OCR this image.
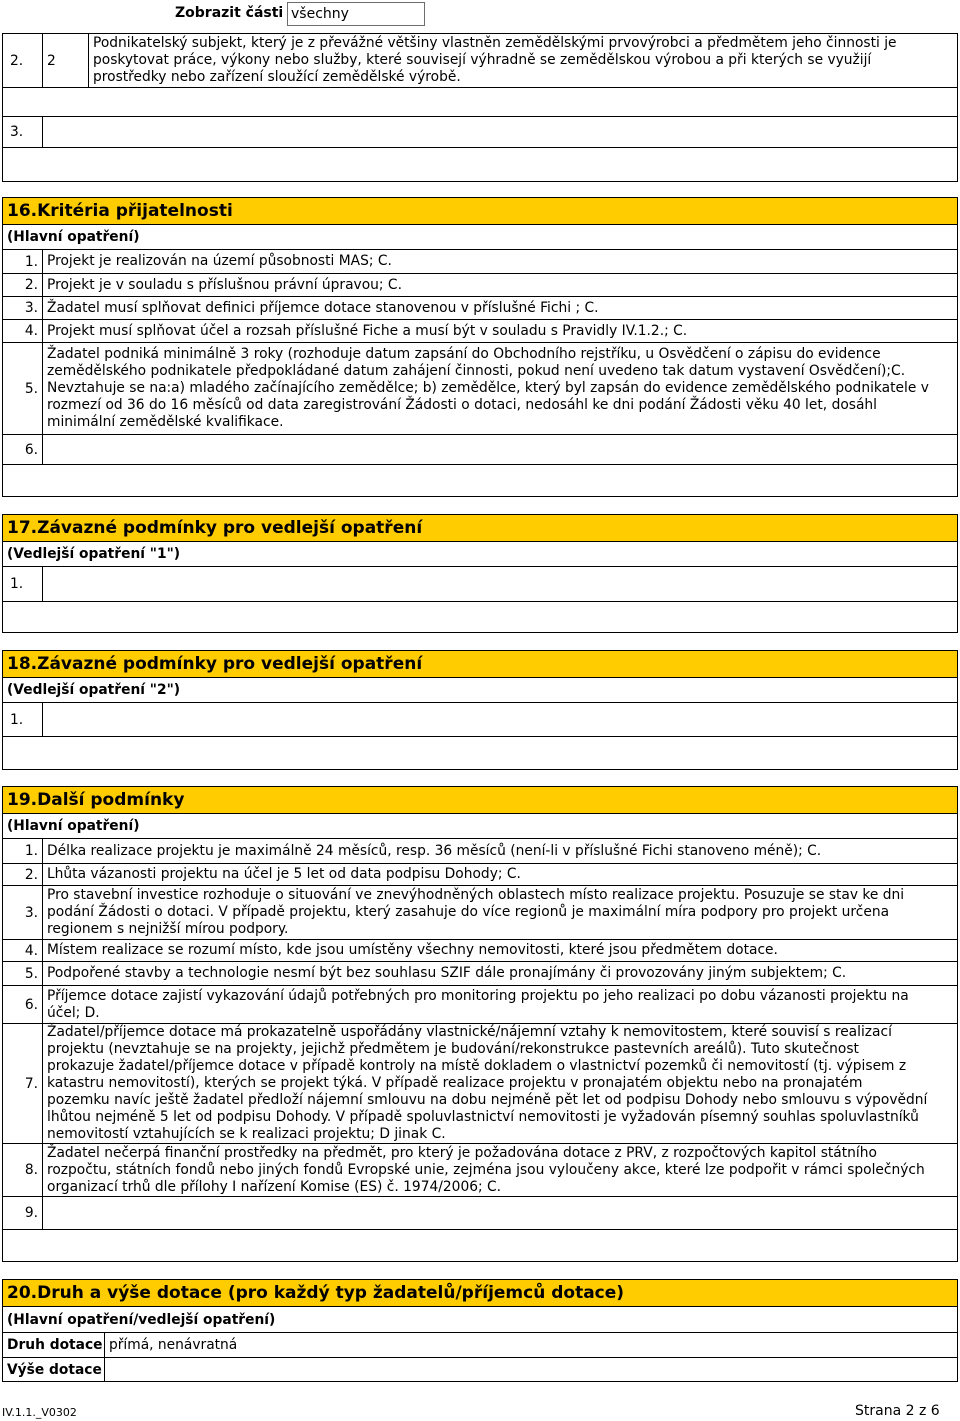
Zobrazit části všechny
2.	2
Podnikatelský subjekt, který je z převážné většiny vlastněn zemědělskými prvovýrobci a předmětem jeho činnosti je
poskytovat práce, výkony nebo služby, které souvisejí výhradně se zemědělskou výrobou a při kterých se využijí
prostředky nebo zařízení sloužící zemědělské výrobě.
3.
16.Kritéria přijatelnosti
(Hlavní opatření)
1. Projekt je realizován na území působnosti MAS; C.
2. Projekt je v souladu s příslušnou právní úpravou; C.
3. Žadatel musí splňovat definici příjemce dotace stanovenou v příslušné Fichi ; C.
4. Projekt musí splňovat účel a rozsah příslušné Fiche a musí být v souladu s Pravidly IV.1.2.; C.
5.
Žadatel podniká minimálně 3 roky (rozhoduje datum zapsání do Obchodního rejstříku, u Osvědčení o zápisu do evidence
zemědělského podnikatele předpokládané datum zahájení činnosti, pokud není uvedeno tak datum vystavení Osvědčení);C.
Nevztahuje se na:a) mladého začínajícího zemědělce; b) zemědělce, který byl zapsán do evidence zemědělského podnikatele v
rozmezí od 36 do 16 měsíců od data zaregistrování Žádosti o dotaci, nedosáhl ke dni podání Žádosti věku 40 let, dosáhl
minimální zemědělské kvalifikace.
6.
17.Závazné podmínky pro vedlejší opatření
(Vedlejší opatření "1")
1.
18.Závazné podmínky pro vedlejší opatření
(Vedlejší opatření "2")
1.
19.Další podmínky
(Hlavní opatření)
1. Délka realizace projektu je maximálně 24 měsíců, resp. 36 měsíců (není-li v příslušné Fichi stanoveno méně); C.
2. Lhůta vázanosti projektu na účel je 5 let od data podpisu Dohody; C.
3.
Pro stavební investice rozhoduje o situování ve znevýhodněných oblastech místo realizace projektu. Posuzuje se stav ke dni
podání Žádosti o dotaci. V případě projektu, který zasahuje do více regionů je maximální míra podpory pro projekt určena
regionem s nejnižší mírou podpory.
4. Místem realizace se rozumí místo, kde jsou umístěny všechny nemovitosti, které jsou předmětem dotace.
5. Podpořené stavby a technologie nesmí být bez souhlasu SZIF dále pronajímány či provozovány jiným subjektem; C.
6.
Příjemce dotace zajistí vykazování údajů potřebných pro monitoring projektu po jeho realizaci po dobu vázanosti projektu na
účel; D.
7.
Žadatel/příjemce dotace má prokazatelně uspořádány vlastnické/nájemní vztahy k nemovitostem, které souvisí s realizací
projektu (nevztahuje se na projekty, jejichž předmětem je budování/rekonstrukce pastevních areálů). Tuto skutečnost
prokazuje žadatel/příjemce dotace v případě kontroly na místě dokladem o vlastnictví pozemků či nemovitostí (tj. výpisem z
katastru nemovitostí), kterých se projekt týká. V případě realizace projektu v pronajatém objektu nebo na pronajatém
pozemku navíc ještě žadatel předloží nájemní smlouvu na dobu nejméně pět let od podpisu Dohody nebo smlouvu s výpovědní
lhůtou nejméně 5 let od podpisu Dohody. V případě spoluvlastnictví nemovitosti je vyžadován písemný souhlas spoluvlastníků
nemovitostí vztahujících se k realizaci projektu; D jinak C.
8.
Žadatel nečerpá finanční prostředky na předmět, pro který je požadována dotace z PRV, z rozpočtových kapitol státního
rozpočtu, státních fondů nebo jiných fondů Evropské unie, zejména jsou vyloučeny akce, které lze podpořit v rámci společných
organizací trhů dle přílohy I nařízení Komise (ES) č. 1974/2006; C.
9.
20.Druh a výše dotace (pro každý typ žadatelů/příjemců dotace)
(Hlavní opatření/vedlejší opatření)
Druh dotace přímá, nenávratná
Výše dotace
IV.1.1._V0302	Strana 2 z 6
